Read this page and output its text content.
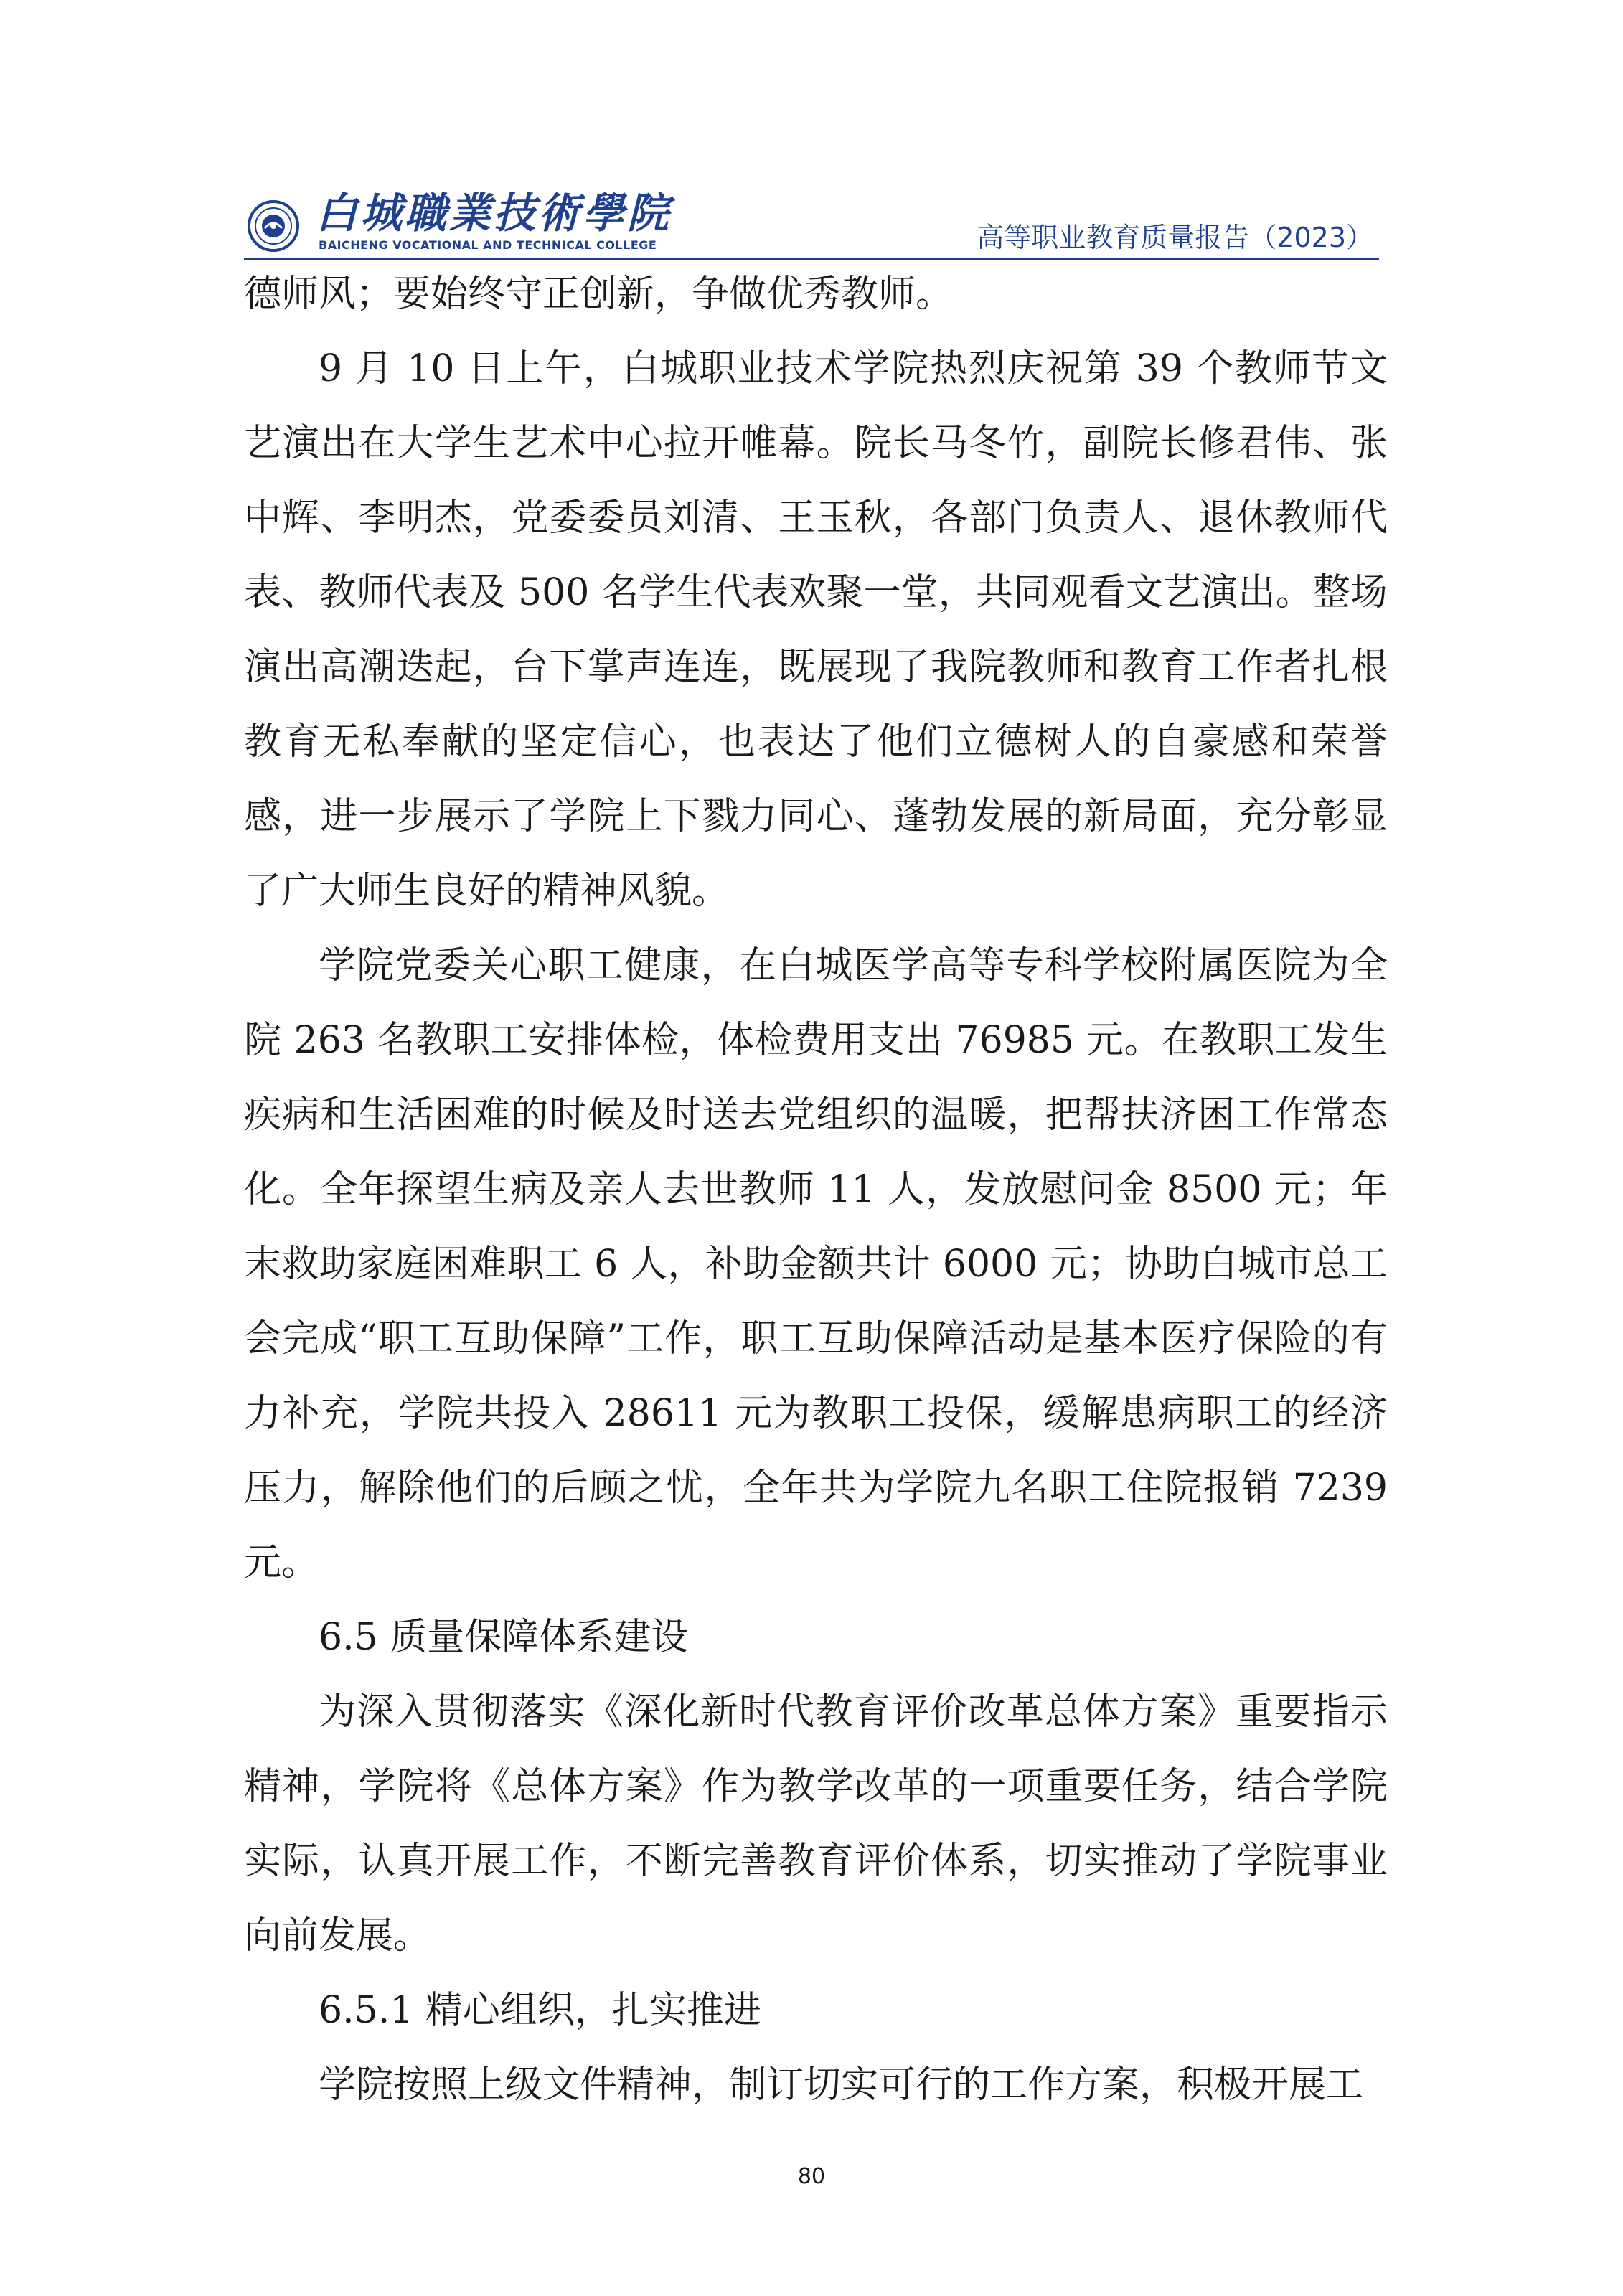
白城職業技術學院
BAICHENG VOCATIONAL AND TECHNICAL COLLEGE	高等职业教育质量报告（2023）

德师风；要始终守正创新，争做优秀教师。

9 月 10 日上午，白城职业技术学院热烈庆祝第 39 个教师节文艺演出在大学生艺术中心拉开帷幕。院长马冬竹，副院长修君伟、张中辉、李明杰，党委委员刘清、王玉秋，各部门负责人、退休教师代表、教师代表及 500 名学生代表欢聚一堂，共同观看文艺演出。整场演出高潮迭起，台下掌声连连，既展现了我院教师和教育工作者扎根教育无私奉献的坚定信心，也表达了他们立德树人的自豪感和荣誉感，进一步展示了学院上下戮力同心、蓬勃发展的新局面，充分彰显了广大师生良好的精神风貌。

学院党委关心职工健康，在白城医学高等专科学校附属医院为全院 263 名教职工安排体检，体检费用支出 76985 元。在教职工发生疾病和生活困难的时候及时送去党组织的温暖，把帮扶济困工作常态化。全年探望生病及亲人去世教师 11 人，发放慰问金 8500 元；年末救助家庭困难职工 6 人，补助金额共计 6000 元；协助白城市总工会完成“职工互助保障”工作，职工互助保障活动是基本医疗保险的有力补充，学院共投入 28611 元为教职工投保，缓解患病职工的经济压力，解除他们的后顾之忧，全年共为学院九名职工住院报销 7239 元。

6.5 质量保障体系建设

为深入贯彻落实《深化新时代教育评价改革总体方案》重要指示精神，学院将《总体方案》作为教学改革的一项重要任务，结合学院实际，认真开展工作，不断完善教育评价体系，切实推动了学院事业向前发展。

6.5.1 精心组织，扎实推进

学院按照上级文件精神，制订切实可行的工作方案，积极开展工

80
